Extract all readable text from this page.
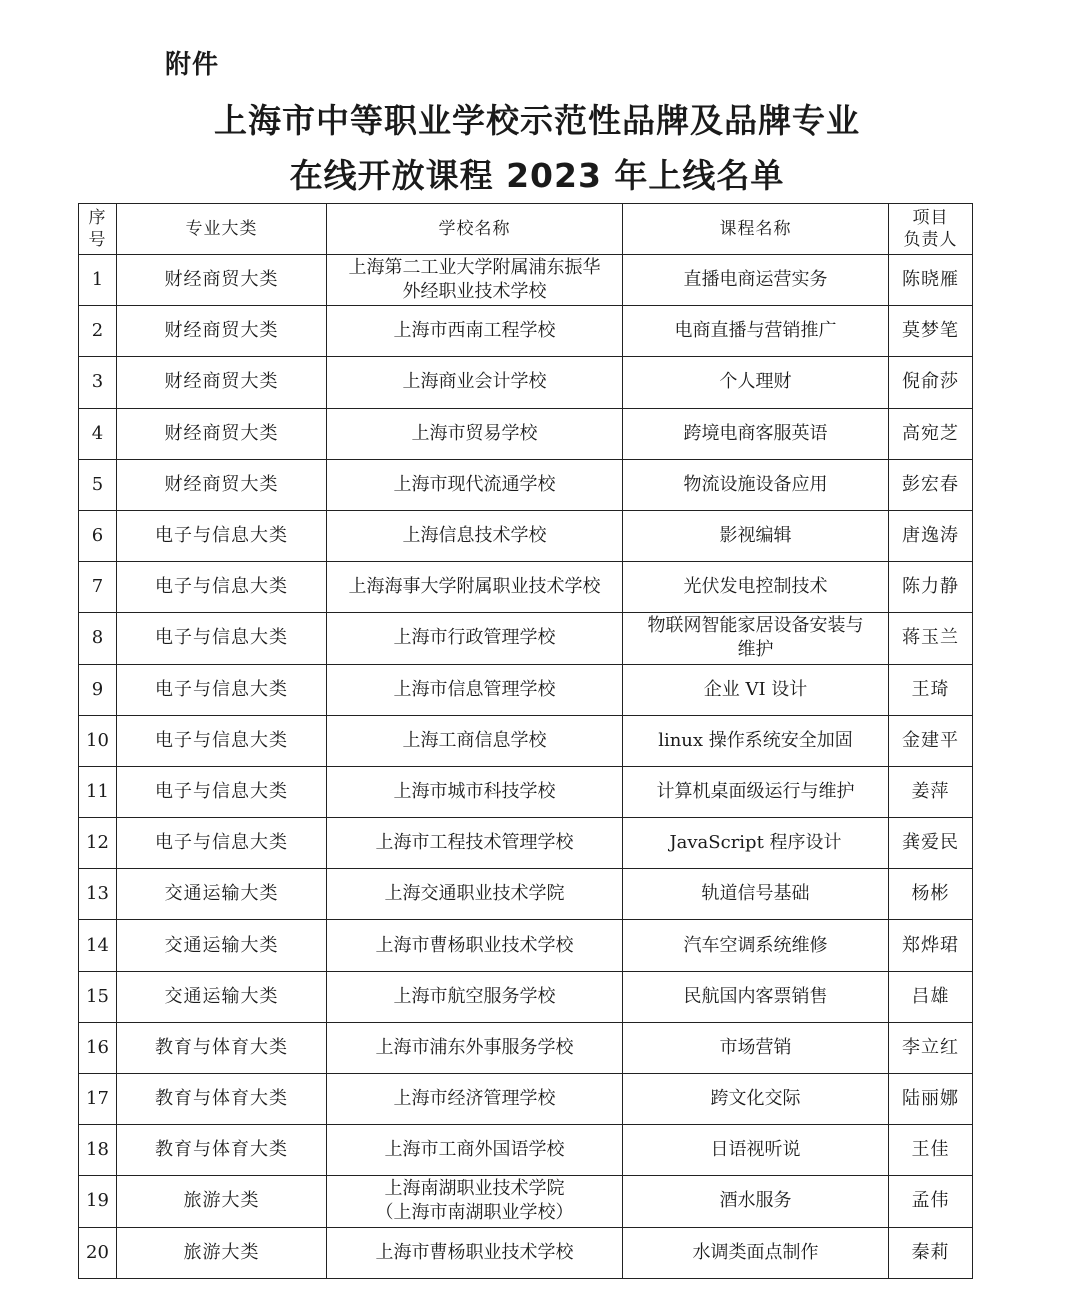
附件
上海市中等职业学校示范性品牌及品牌专业
在线开放课程 2023 年上线名单
序
号	专业大类	学校名称	课程名称	项目
负责人

1	财经商贸大类	上海第二工业大学附属浦东振华
外经职业技术学校	直播电商运营实务	陈晓雁
2	财经商贸大类	上海市西南工程学校	电商直播与营销推广	莫梦笔
3	财经商贸大类	上海商业会计学校	个人理财	倪俞莎
4	财经商贸大类	上海市贸易学校	跨境电商客服英语	高宛芝
5	财经商贸大类	上海市现代流通学校	物流设施设备应用	彭宏春
6	电子与信息大类	上海信息技术学校	影视编辑	唐逸涛
7	电子与信息大类	上海海事大学附属职业技术学校	光伏发电控制技术	陈力静
8	电子与信息大类	上海市行政管理学校	物联网智能家居设备安装与
维护	蒋玉兰
9	电子与信息大类	上海市信息管理学校	企业 VI 设计	王琦
10	电子与信息大类	上海工商信息学校	linux 操作系统安全加固	金建平
11	电子与信息大类	上海市城市科技学校	计算机桌面级运行与维护	姜萍
12	电子与信息大类	上海市工程技术管理学校	JavaScript 程序设计	龚爱民
13	交通运输大类	上海交通职业技术学院	轨道信号基础	杨彬
14	交通运输大类	上海市曹杨职业技术学校	汽车空调系统维修	郑烨珺
15	交通运输大类	上海市航空服务学校	民航国内客票销售	吕雄
16	教育与体育大类	上海市浦东外事服务学校	市场营销	李立红
17	教育与体育大类	上海市经济管理学校	跨文化交际	陆丽娜
18	教育与体育大类	上海市工商外国语学校	日语视听说	王佳
19	旅游大类	上海南湖职业技术学院
（上海市南湖职业学校）	酒水服务	孟伟
20	旅游大类	上海市曹杨职业技术学校	水调类面点制作	秦莉
